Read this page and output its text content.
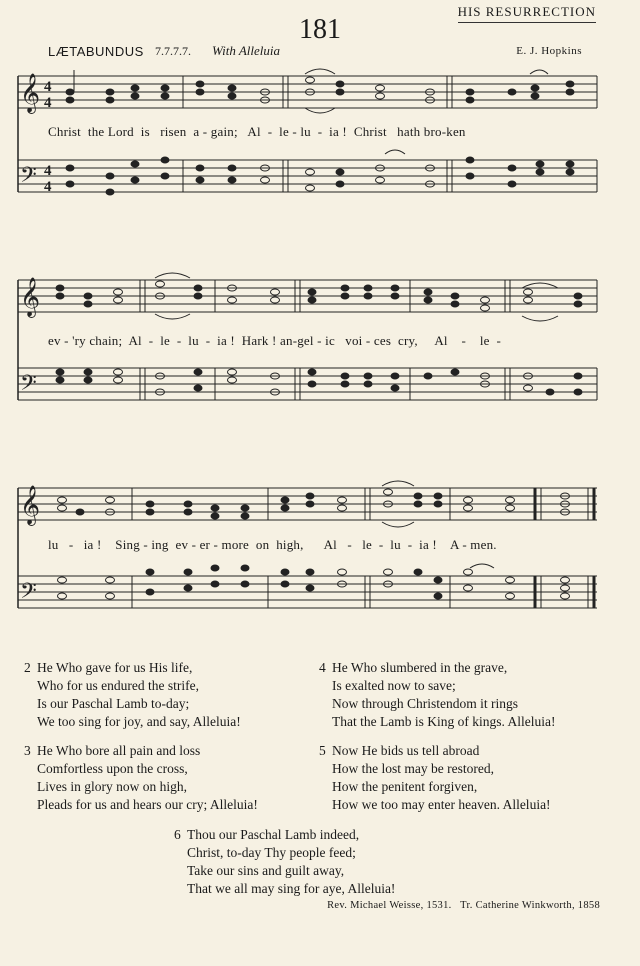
181
HIS RESURRECTION
LÆTABUNDUS 7.7.7.7. With Alleluia	E. J. Hopkins
𝄞
𝄢
4
4
4
4
Christ  the Lord  is   risen  a - gain;   Al  -  le - lu  -  ia !  Christ   hath bro-ken
𝄞
𝄢
ev - 'ry chain;  Al  -  le  -  lu  -  ia !  Hark ! an-gel - ic   voi - ces  cry,     Al    -    le  -
𝄞
𝄢
lu   -   ia !    Sing - ing  ev - er - more  on  high,      Al   -   le  -  lu  -  ia !    A - men.
2 He Who gave for us His life,
Who for us endured the strife,
Is our Paschal Lamb to-day;
We too sing for joy, and say, Alleluia!
3 He Who bore all pain and loss
Comfortless upon the cross,
Lives in glory now on high,
Pleads for us and hears our cry; Alleluia!
4 He Who slumbered in the grave,
Is exalted now to save;
Now through Christendom it rings
That the Lamb is King of kings. Alleluia!
5 Now He bids us tell abroad
How the lost may be restored,
How the penitent forgiven,
How we too may enter heaven. Alleluia!
6 Thou our Paschal Lamb indeed,
Christ, to-day Thy people feed;
Take our sins and guilt away,
That we all may sing for aye, Alleluia!
Rev. Michael Weisse, 1531. Tr. Catherine Winkworth, 1858
